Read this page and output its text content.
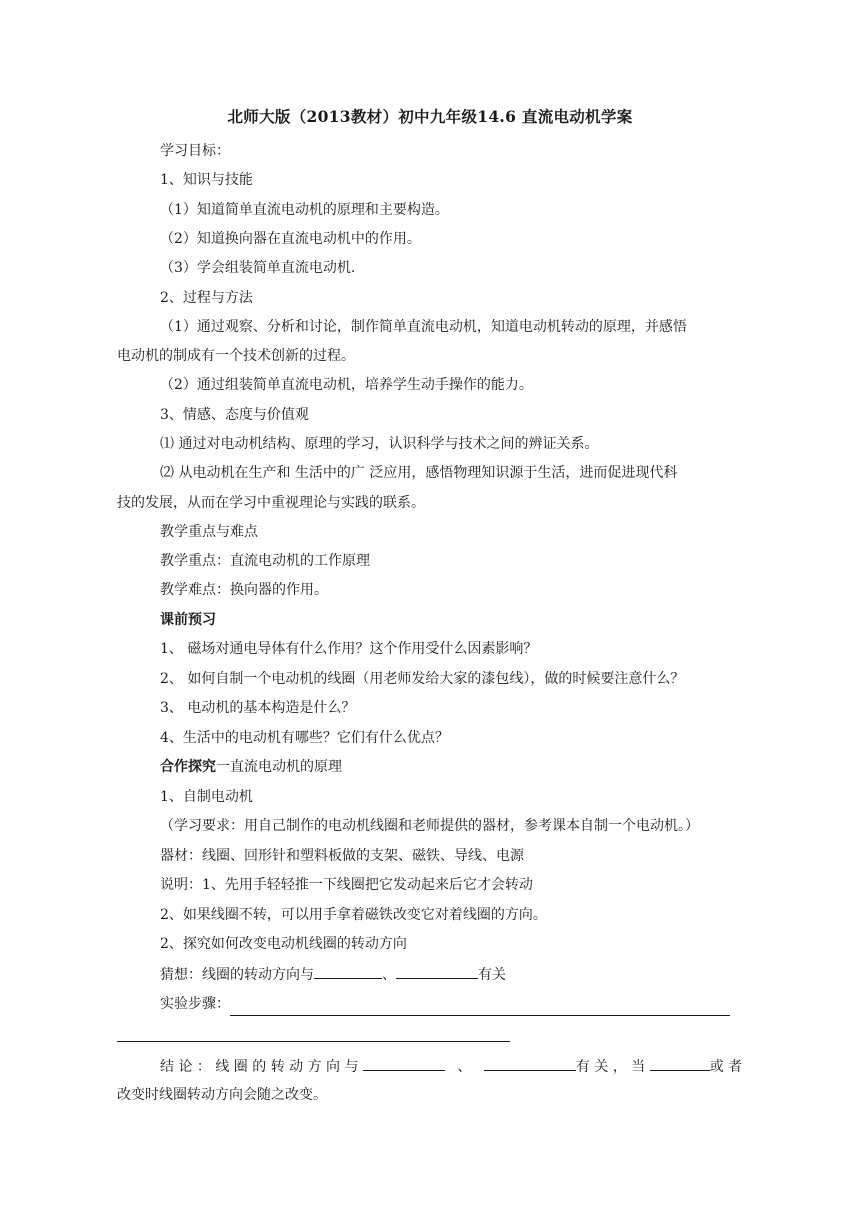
北师大版（2013教材）初中九年级14.6 直流电动机学案
学习目标：
1、知识与技能
（1）知道简单直流电动机的原理和主要构造。
（2）知道换向器在直流电动机中的作用。
（3）学会组装简单直流电动机.
2、过程与方法
（1）通过观察、分析和讨论，制作简单直流电动机，知道电动机转动的原理，并感悟
电动机的制成有一个技术创新的过程。
（2）通过组装简单直流电动机，培养学生动手操作的能力。
3、情感、态度与价值观
⑴ 通过对电动机结构、原理的学习，认识科学与技术之间的辨证关系。
⑵ 从电动机在生产和 生活中的广 泛应用，感悟物理知识源于生活，进而促进现代科
技的发展，从而在学习中重视理论与实践的联系。
教学重点与难点
教学重点：直流电动机的工作原理
教学难点：换向器的作用。
课前预习
1、 磁场对通电导体有什么作用？这个作用受什么因素影响？
2、 如何自制一个电动机的线圈（用老师发给大家的漆包线），做的时候要注意什么？
3、 电动机的基本构造是什么？
4、生活中的电动机有哪些？它们有什么优点？
合作探究一直流电动机的原理
1、自制电动机
（学习要求：用自己制作的电动机线圈和老师提供的器材，参考课本自制一个电动机。）
器材：线圈、回形针和塑料板做的支架、磁铁、导线、电源
说明：1、先用手轻轻推一下线圈把它发动起来后它才会转动
2、如果线圈不转，可以用手拿着磁铁改变它对着线圈的方向。
2、探究如何改变电动机线圈的转动方向
猜想：线圈的转动方向与	、	有关
实验步骤：
结 论 ： 线 圈 的 转 动 方 向 与	、	有 关 ， 当	或 者
改变时线圈转动方向会随之改变。
